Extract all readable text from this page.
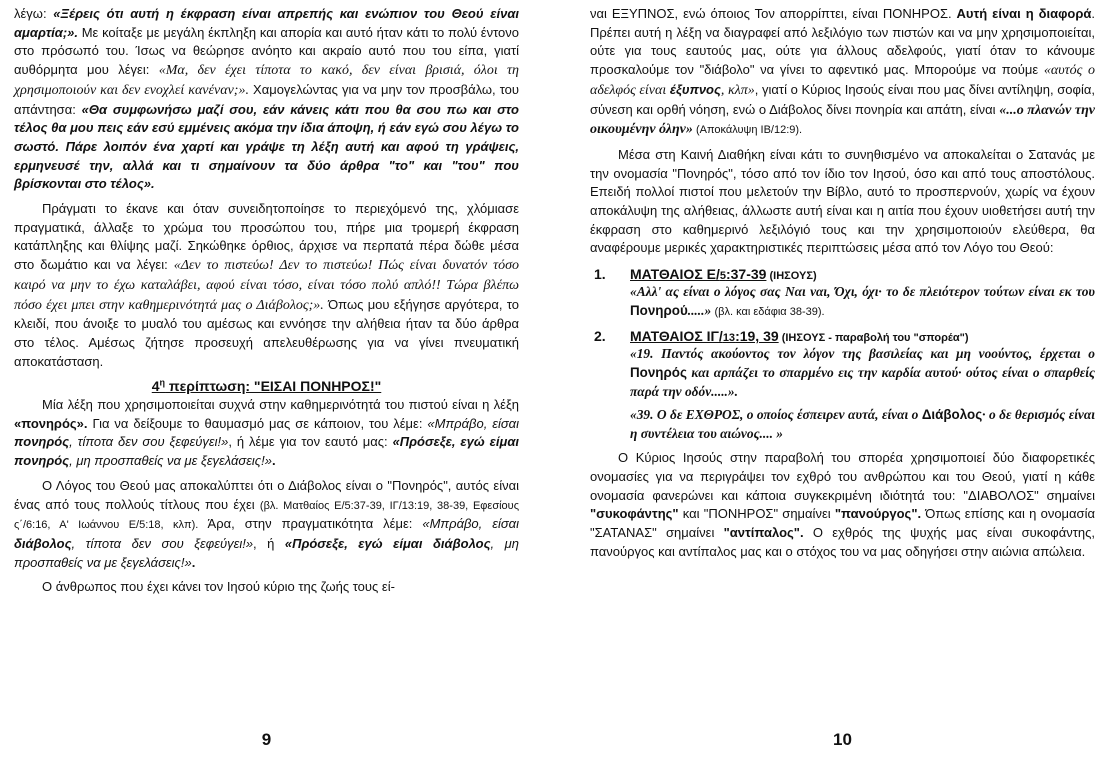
λέγω: «Ξέρεις ότι αυτή η έκφραση είναι απρεπής και ενώπιον του Θεού είναι αμαρτία;». Με κοίταξε με μεγάλη έκπληξη και απορία και αυτό ήταν κάτι το πολύ έντονο στο πρόσωπό του. Ίσως να θεώρησε ανόητο και ακραίο αυτό που του είπα, γιατί αυθόρμητα μου λέγει: «Μα, δεν έχει τίποτα το κακό, δεν είναι βρισιά, όλοι τη χρησιμοποιούν και δεν ενοχλεί κανέναν;». Χαμογελώντας για να μην τον προσβάλω, του απάντησα: «Θα συμφωνήσω μαζί σου, εάν κάνεις κάτι που θα σου πω και στο τέλος θα μου πεις εάν εσύ εμμένεις ακόμα την ίδια άποψη, ή εάν εγώ σου λέγω το σωστό. Πάρε λοιπόν ένα χαρτί και γράψε τη λέξη αυτή και αφού τη γράψεις, ερμηνευσέ την, αλλά και τι σημαίνουν τα δύο άρθρα "το" και "του" που βρίσκονται στο τέλος».

Πράγματι το έκανε και όταν συνειδητοποίησε το περιεχόμενό της, χλόμιασε πραγματικά, άλλαξε το χρώμα του προσώπου του, πήρε μια τρομερή έκφραση κατάπληξης και θλίψης μαζί. Σηκώθηκε όρθιος, άρχισε να περπατά πέρα δώθε μέσα στο δωμάτιο και να λέγει: «Δεν το πιστεύω! Δεν το πιστεύω! Πώς είναι δυνατόν τόσο καιρό να μην το έχω καταλάβει, αφού είναι τόσο, είναι τόσο πολύ απλό!! Τώρα βλέπω πόσο έχει μπει στην καθημερινότητά μας ο Διάβολος;». Όπως μου εξήγησε αργότερα, το κλειδί, που άνοιξε το μυαλό του αμέσως και εννόησε την αλήθεια ήταν τα δύο άρθρα στο τέλος. Αμέσως ζήτησε προσευχή απελευθέρωσης για να γίνει πνευματική αποκατάσταση.

$4^\eta$ περίπτωση: "ΕΙΣΑΙ ΠΟΝΗΡΟΣ!"

Μία λέξη που χρησιμοποιείται συχνά στην καθημερινότητά του πιστού είναι η λέξη «πονηρός». Για να δείξουμε το θαυμασμό μας σε κάποιον, του λέμε: «Μπράβο, είσαι πονηρός, τίποτα δεν σου ξεφεύγει!», ή λέμε για τον εαυτό μας: «Πρόσεξε, εγώ είμαι πονηρός, μη προσπαθείς να με ξεγελάσεις!».

Ο Λόγος του Θεού μας αποκαλύπτει ότι ο Διάβολος είναι ο "Πονηρός", αυτός είναι ένας από τους πολλούς τίτλους που έχει (βλ. Ματθαίος Ε/5:37-39, ΙΓ/13:19, 38-39, Εφεσίους ς΄/6:16, Α' Ιωάννου Ε/5:18, κλπ). Άρα, στην πραγματικότητα λέμε: «Μπράβο, είσαι διάβολος, τίποτα δεν σου ξεφεύγει!», ή «Πρόσεξε, εγώ είμαι διάβολος, μη προσπαθείς να με ξεγελάσεις!».

Ο άνθρωπος που έχει κάνει τον Ιησού κύριο της ζωής τους εί-

9

ναι ΕΞΥΠΝΟΣ, ενώ όποιος Τον απορρίπτει, είναι ΠΟΝΗΡΟΣ. Αυτή είναι η διαφορά. Πρέπει αυτή η λέξη να διαγραφεί από λεξιλόγιο των πιστών και να μην χρησιμοποιείται, ούτε για τους εαυτούς μας, ούτε για άλλους αδελφούς, γιατί όταν το κάνουμε προσκαλούμε τον "διάβολο" να γίνει το αφεντικό μας. Μπορούμε να πούμε «αυτός ο αδελφός είναι έξυπνος, κλπ», γιατί ο Κύριος Ιησούς είναι που μας δίνει αντίληψη, σοφία, σύνεση και ορθή νόηση, ενώ ο Διάβολος δίνει πονηρία και απάτη, είναι «...ο πλανών την οικουμένην όλην» (Αποκάλυψη ΙΒ/12:9).

Μέσα στη Καινή Διαθήκη είναι κάτι το συνηθισμένο να αποκαλείται ο Σατανάς με την ονομασία "Πονηρός", τόσο από τον ίδιο τον Ιησού, όσο και από τους αποστόλους. Επειδή πολλοί πιστοί που μελετούν την Βίβλο, αυτό το προσπερνούν, χωρίς να έχουν αποκάλυψη της αλήθειας, άλλωστε αυτή είναι και η αιτία που έχουν υιοθετήσει αυτή την έκφραση στο καθημερινό λεξιλόγιό τους και την χρησιμοποιούν ελεύθερα, θα αναφέρουμε μερικές χαρακτηριστικές περιπτώσεις μέσα από τον Λόγο του Θεού:

1.	ΜΑΤΘΑΙΟΣ Ε/5:37-39 (ΙΗΣΟΥΣ)
«Αλλ' ας είναι ο λόγος σας Ναι ναι, Όχι, όχι· το δε πλειότερον τούτων είναι εκ του Πονηρού.....» (βλ. και εδάφια 38-39).
2.	ΜΑΤΘΑΙΟΣ ΙΓ/13:19, 39 (ΙΗΣΟΥΣ - παραβολή του "σπορέα")
«19. Παντός ακούοντος τον λόγον της βασιλείας και μη νοούντος, έρχεται ο Πονηρός και αρπάζει το σπαρμένο εις την καρδία αυτού· ούτος είναι ο σπαρθείς παρά την οδόν.....».
«39. Ο δε ΕΧΘΡΟΣ, ο οποίος έσπειρεν αυτά, είναι ο Διάβολος· ο δε θερισμός είναι η συντέλεια του αιώνος.... »

Ο Κύριος Ιησούς στην παραβολή του σπορέα χρησιμοποιεί δύο διαφορετικές ονομασίες για να περιγράψει τον εχθρό του ανθρώπου και του Θεού, γιατί η κάθε ονομασία φανερώνει και κάποια συγκεκριμένη ιδιότητά του: "ΔΙΑΒΟΛΟΣ" σημαίνει "συκοφάντης" και "ΠΟΝΗΡΟΣ" σημαίνει "πανούργος". Όπως επίσης και η ονομασία "ΣΑΤΑΝΑΣ" σημαίνει "αντίπαλος". Ο εχθρός της ψυχής μας είναι συκοφάντης, πανούργος και αντίπαλος μας και ο στόχος του να μας οδηγήσει στην αιώνια απώλεια.

10
